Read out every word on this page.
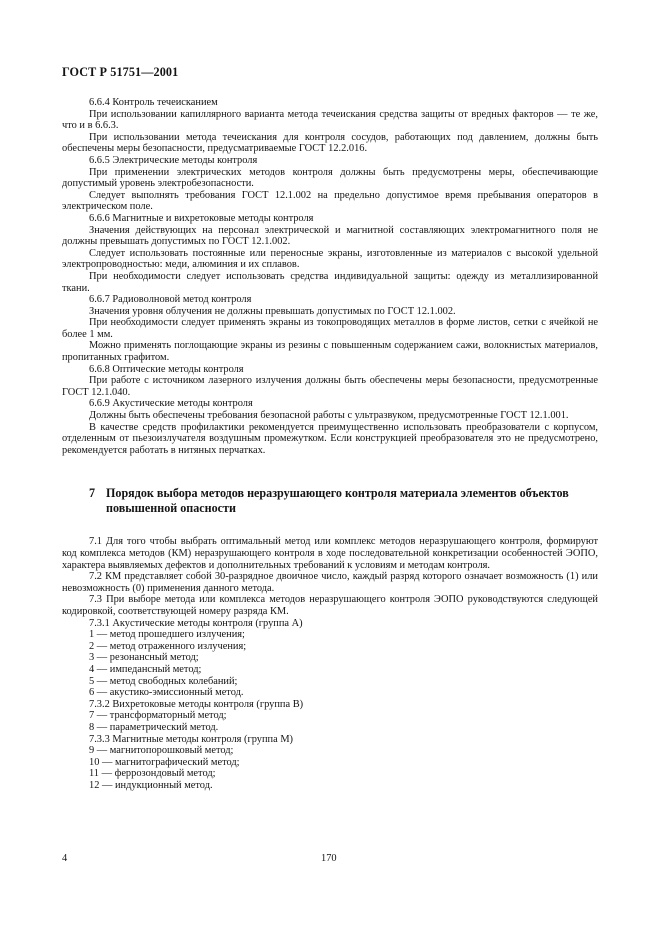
ГОСТ Р 51751—2001

6.6.4 Контроль течеисканием

При использовании капиллярного варианта метода течеискания средства защиты от вредных факторов — те же, что и в 6.6.3.

При использовании метода течеискания для контроля сосудов, работающих под давлением, должны быть обеспечены меры безопасности, предусматриваемые ГОСТ 12.2.016.

6.6.5 Электрические методы контроля

При применении электрических методов контроля должны быть предусмотрены меры, обеспечивающие допустимый уровень электробезопасности.

Следует выполнять требования ГОСТ 12.1.002 на предельно допустимое время пребывания операторов в электрическом поле.

6.6.6 Магнитные и вихретоковые методы контроля

Значения действующих на персонал электрической и магнитной составляющих электромагнитного поля не должны превышать допустимых по ГОСТ 12.1.002.

Следует использовать постоянные или переносные экраны, изготовленные из материалов с высокой удельной электропроводностью: меди, алюминия и их сплавов.

При необходимости следует использовать средства индивидуальной защиты: одежду из металлизированной ткани.

6.6.7 Радиоволновой метод контроля

Значения уровня облучения не должны превышать допустимых по ГОСТ 12.1.002.

При необходимости следует применять экраны из токопроводящих металлов в форме листов, сетки с ячейкой не более 1 мм.

Можно применять поглощающие экраны из резины с повышенным содержанием сажи, волокнистых материалов, пропитанных графитом.

6.6.8 Оптические методы контроля

При работе с источником лазерного излучения должны быть обеспечены меры безопасности, предусмотренные ГОСТ 12.1.040.

6.6.9 Акустические методы контроля

Должны быть обеспечены требования безопасной работы с ультразвуком, предусмотренные ГОСТ 12.1.001.

В качестве средств профилактики рекомендуется преимущественно использовать преобразователи с корпусом, отделенным от пьезоизлучателя воздушным промежутком. Если конструкцией преобразователя это не предусмотрено, рекомендуется работать в нитяных перчатках.

7 Порядок выбора методов неразрушающего контроля материала элементов объектов повышенной опасности

7.1 Для того чтобы выбрать оптимальный метод или комплекс методов неразрушающего контроля, формируют код комплекса методов (КМ) неразрушающего контроля в ходе последовательной конкретизации особенностей ЭОПО, характера выявляемых дефектов и дополнительных требований к условиям и методам контроля.

7.2 КМ представляет собой 30-разрядное двоичное число, каждый разряд которого означает возможность (1) или невозможность (0) применения данного метода.

7.3 При выборе метода или комплекса методов неразрушающего контроля ЭОПО руководствуются следующей кодировкой, соответствующей номеру разряда КМ.

7.3.1 Акустические методы контроля (группа А)

1 — метод прошедшего излучения;

2 — метод отраженного излучения;

3 — резонансный метод;

4 — импедансный метод;

5 — метод свободных колебаний;

6 — акустико-эмиссионный метод.

7.3.2 Вихретоковые методы контроля (группа В)

7 — трансформаторный метод;

8 — параметрический метод.

7.3.3 Магнитные методы контроля (группа М)

9 — магнитопорошковый метод;

10 — магнитографический метод;

11 — феррозондовый метод;

12 — индукционный метод.

4	170
